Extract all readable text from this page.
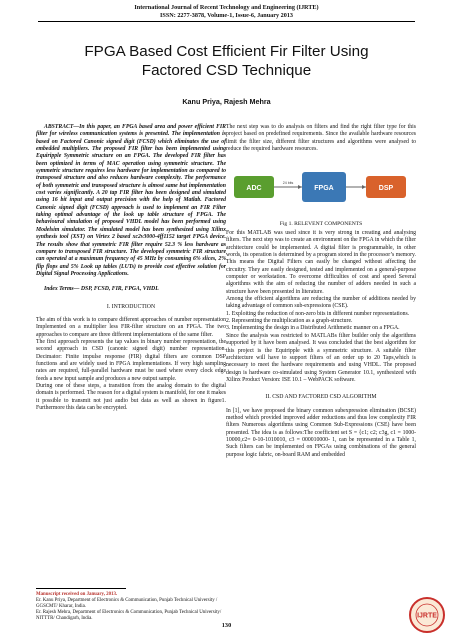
International Journal of Recent Technology and Engineering (IJRTE)
ISSN: 2277-3878, Volume-1, Issue-6, January 2013
FPGA Based Cost Efficient Fir Filter Using
Factored CSD Technique
Kanu Priya, Rajesh Mehra

ABSTRACT—In this paper, an FPGA based area and power efficient FIR filter for wireless communication systems is presented. The implementation is based on Factored Canonic signed digit (FCSD) which eliminates the use of embedded multipliers. The proposed FIR filter has been implemented using Equiripple Symmetric structure on an FPGA. The developed FIR filter has been optimized in terms of MAC operation using symmetric structure. The symmetric structure requires less hardware for implementation as compared to transposed structure and also reduces hardware complexity. The performance of both symmetric and transposed structure is almost same but implementation cost varies significantly. A 20 tap FIR filter has been designed and simulated using 16 bit input and output precision with the help of Matlab. Factored Canonic signed digit (FCSD) approach is used to implement an FIR Filter taking optimal advantage of the look up table structure of FPGA. The behavioural simulation of proposed VHDL model has been performed using Modelsim simulator. The simulated model has been synthesized using Xilinx synthesis tool (XST) on Virtex 2 based xc2v3000-4ff1152 target FPGA device. The results show that symmetric FIR filter require 52.3 % less hardware as compare to transposed FIR structure. The developed symmetric FIR structure can operated at a maximum frequency of 45 MHz by consuming 6% slices, 2% flip flops and 5% Look up tables (LUTs) to provide cost effective solution for Digital Signal Processing Applications.

Index Terms— DSP, FCSD, FIR, FPGA, VHDL

I. INTRODUCTION

The aim of this work is to compare different approaches of number representation Implemented on a multiplier less FIR-filter structure on an FPGA. The two approaches to compare are three different implementations of the same filter.

The first approach represents the tap values in binary number representation, the second approach in CSD (canonic signed digit) number representation. Decimator: Finite impulse response (FIR) digital filters are common DSP functions and are widely used in FPGA implementations. If very high sampling rates are required, full-parallel hardware must be used where every clock edge feeds a new input sample and produces a new output sample.

During one of these steps, a transition from the analog domain to the digital domain is performed. The reason for a digital system is manifold, for one it makes it possible to transmit not just audio but data as well as shown in figure1. Furthermore this data can be encrypted.

Manuscript received on January, 2013.
Er. Kanu Priya, Department of Electronics & Communication, Punjab Technical University / GGSCMT/ Kharar, India.
Er. Rajesh Mehra, Department of Electronics & Communication, Punjab Technical University/ NITTTR/ Chandigarh, India.

The next step was to do analysis on filters and find the right filter type for this project based on predefined requirements. Since the available hardware resources limit the filter size, different filter structures and algorithms were analysed to reduce the required hardware resources.

ADC	FPGA	DSP
24 bits
Fig 1. RELEVENT COMPONENTS

For this MATLAB was used since it is very strong in creating and analysing filters. The next step was to create an environment on the FPGA in which the filter architecture could be implemented. A digital filter is programmable, in other words, its operation is determined by a program stored in the processor’s memory. This means the Digital Filters can easily be changed without affecting the circuitry. They are easily designed, tested and implemented on a general-purpose computer or workstation. To overcome difficulties of cost and speed Several algorithms with the aim of reducing the number of adders needed in such a structure have been presented in literature.

Among the efficient algorithms are reducing the number of additions needed by taking advantage of common sub-expressions (CSE).

1. Exploiting the reduction of non-zero bits in different number representations.

2. Representing the multiplication as a graph-structure.

3. Implementing the design in a Distributed Arithmetic manner on a FPGA.

Since the analysis was restricted to MATLABs filter builder only the algorithms supported by it have been analysed. It was concluded that the best algorithm for this project is the Equiripple with a symmetric structure. A suitable filter architecture will have to support filters of an order up to 20 Taps,which is necessary to meet the hardware requirements and using VHDL. The proposed design is hardware co-simulated using System Generator 10.1, synthesized with Xilinx Product Version: ISE 10.1 – WebPACK software.

II. CSD AND FACTORED CSD ALGORITHM

In [1], we have proposed the binary common subexpression elimination (BCSE) method which provided improved adder reductions and thus low complexity FIR filters Numerous algorithms using Common Sub-Expressions (CSE) have been presented. The idea is as follows:The coefficient set S = {c1; c2; c3g, c1 = 1000-10000,c2= 0-10-1010010, c3 = 000010000- 1, can be represented in a Table 1, Such filters can be implemented on FPGAs using combinations of the general purpose logic fabric, on-board RAM and embedded

130
IJRTE
